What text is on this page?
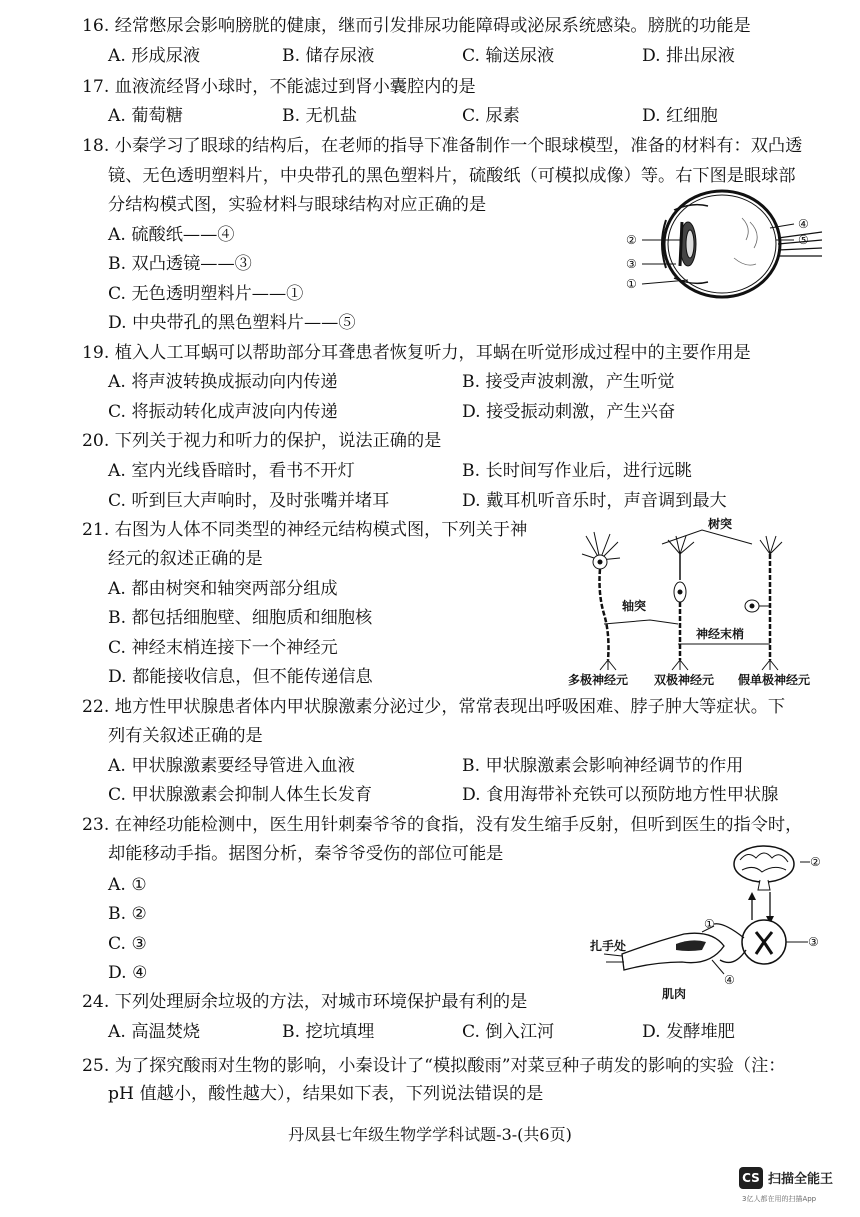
16. 经常憋尿会影响膀胱的健康，继而引发排尿功能障碍或泌尿系统感染。膀胱的功能是
A. 形成尿液	B. 储存尿液	C. 输送尿液	D. 排出尿液
17. 血液流经肾小球时，不能滤过到肾小囊腔内的是
A. 葡萄糖	B. 无机盐	C. 尿素	D. 红细胞
18. 小秦学习了眼球的结构后，在老师的指导下准备制作一个眼球模型，准备的材料有：双凸透
镜、无色透明塑料片，中央带孔的黑色塑料片，硫酸纸（可模拟成像）等。右下图是眼球部
分结构模式图，实验材料与眼球结构对应正确的是
A. 硫酸纸——④
B. 双凸透镜——③
C. 无色透明塑料片——①
D. 中央带孔的黑色塑料片——⑤
④
⑤
②
③
①
19. 植入人工耳蜗可以帮助部分耳聋患者恢复听力，耳蜗在听觉形成过程中的主要作用是
A. 将声波转换成振动向内传递	B. 接受声波刺激，产生听觉
C. 将振动转化成声波向内传递	D. 接受振动刺激，产生兴奋
20. 下列关于视力和听力的保护，说法正确的是
A. 室内光线昏暗时，看书不开灯	B. 长时间写作业后，进行远眺
C. 听到巨大声响时，及时张嘴并堵耳	D. 戴耳机听音乐时，声音调到最大
21. 右图为人体不同类型的神经元结构模式图，下列关于神
经元的叙述正确的是
A. 都由树突和轴突两部分组成
B. 都包括细胞壁、细胞质和细胞核
C. 神经末梢连接下一个神经元
D. 都能接收信息，但不能传递信息
树突
轴突
神经末梢
多极神经元 双极神经元 假单极神经元
22. 地方性甲状腺患者体内甲状腺激素分泌过少，常常表现出呼吸困难、脖子肿大等症状。下
列有关叙述正确的是
A. 甲状腺激素要经导管进入血液	B. 甲状腺激素会影响神经调节的作用
C. 甲状腺激素会抑制人体生长发育	D. 食用海带补充铁可以预防地方性甲状腺
23. 在神经功能检测中，医生用针刺秦爷爷的食指，没有发生缩手反射，但听到医生的指令时，
却能移动手指。据图分析，秦爷爷受伤的部位可能是
A. ①
B. ②
C. ③
D. ④
②
①
③
④
扎手处
肌肉
24. 下列处理厨余垃圾的方法，对城市环境保护最有利的是
A. 高温焚烧	B. 挖坑填埋	C. 倒入江河	D. 发酵堆肥
25. 为了探究酸雨对生物的影响，小秦设计了“模拟酸雨”对菜豆种子萌发的影响的实验（注：
pH 值越小，酸性越大），结果如下表，下列说法错误的是
丹凤县七年级生物学学科试题-3-(共6页)
CS 扫描全能王
3亿人都在用的扫描App
